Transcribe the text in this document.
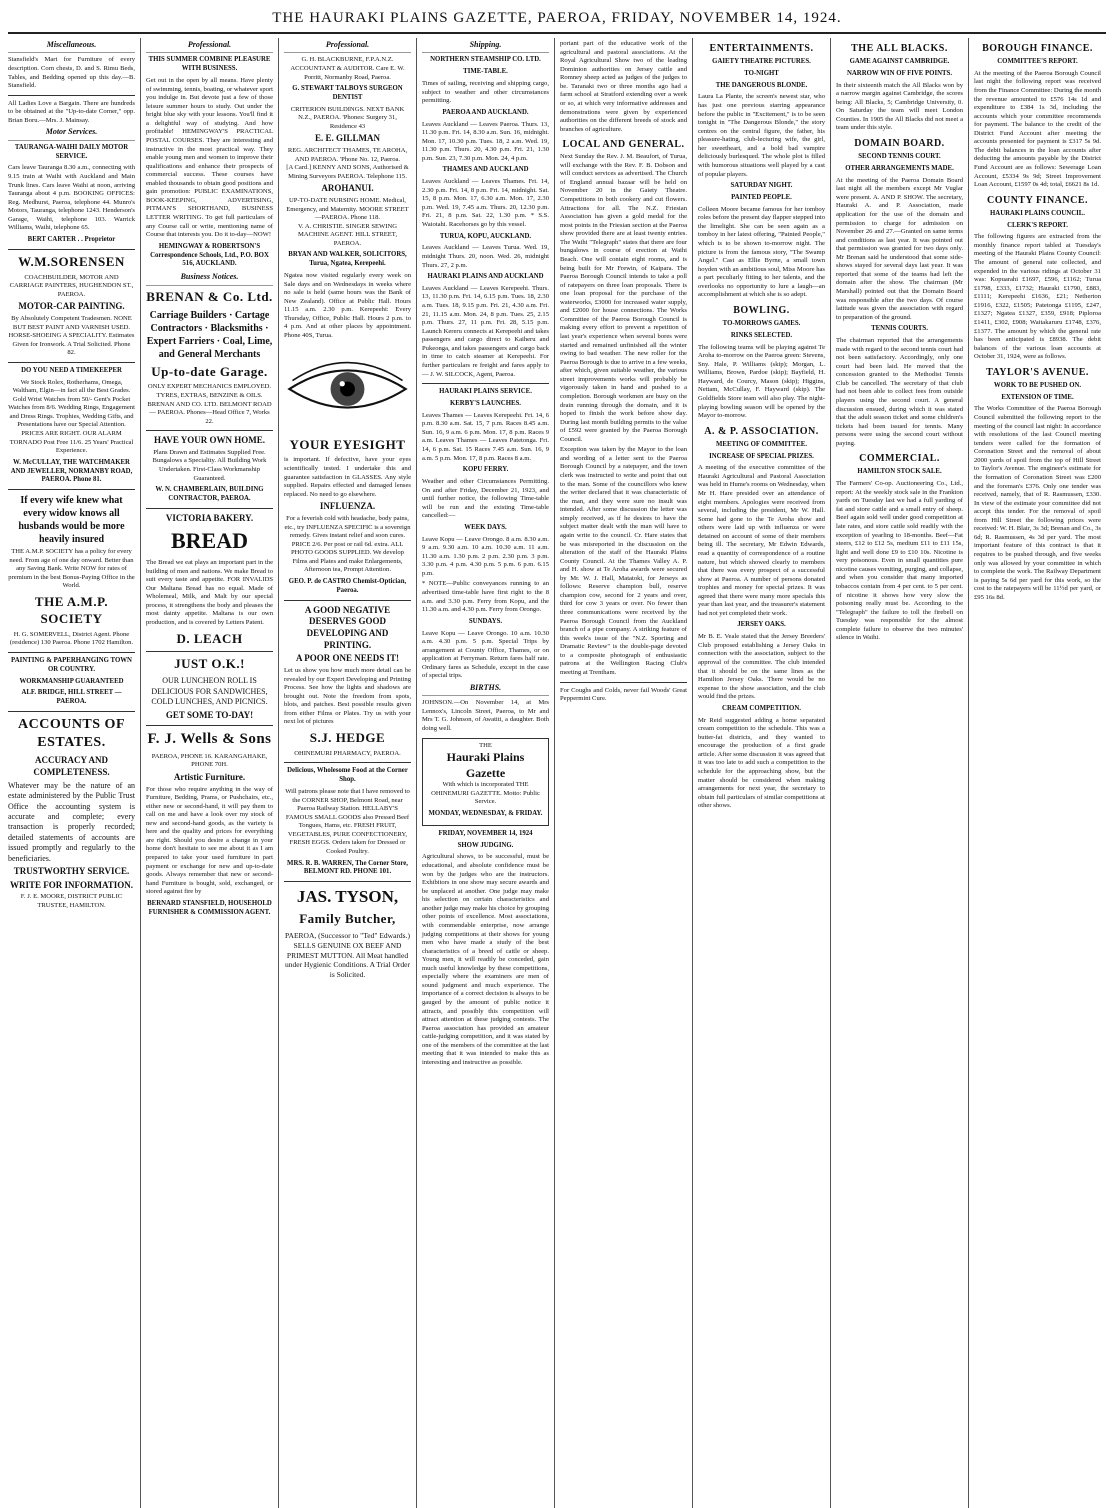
THE HAURAKI PLAINS GAZETTE, PAEROA, FRIDAY, NOVEMBER 14, 1924.
Miscellaneous.
Stansfield's Mart for Furniture of every description. Corn chests, D. and S. Rimu Beds, Tables, and Bedding opened up this day.—B. Stansfield.
All Ladies Love a Bargain. There are hundreds to be obtained at the "Up-to-date Corner," opp. Brian Boru.—Mrs. J. Mainsay.
Motor Services.
TAURANGA-WAIHI DAILY MOTOR SERVICE.
Cars leave Tauranga 8.30 a.m., connecting with 9.15 train at Waihi with Auckland and Main Trunk lines. Cars leave Waihi at noon, arriving Tauranga about 4 p.m. BOOKING OFFICES: Reg. Medhurst, Paeroa, telephone 44. Munro's Motors, Tauranga, telephone 1243. Henderson's Garage, Waihi, telephone 103. Warrick Williams, Waihi, telephone 65.
BERT CARTER . . Proprietor
W.M.SORENSEN
COACHBUILDER, MOTOR AND CARRIAGE PAINTERS, HUGHENDON ST., PAEROA.
MOTOR-CAR PAINTING.
By Absolutely Competent Tradesmen. NONE BUT BEST PAINT AND VARNISH USED. HORSE-SHOEING A SPECIALITY. Estimates Given for Ironwork. A Trial Solicited. Phone 82.
DO YOU NEED A TIMEKEEPER
We Stock Rolex, Rotherhams, Omega, Waltham, Elgin—in fact all the Best Grades. Gold Wrist Watches from 50/- Gent's Pocket Watches from 8/6. Wedding Rings, Engagement and Dress Rings. Trophies, Wedding Gifts, and Presentations have our Special Attention. PRICES ARE RIGHT. OUR ALARM TORNADO Post Free 11/6. 25 Years' Practical Experience.
W. McCULLAY, THE WATCHMAKER AND JEWELLER, NORMANBY ROAD, PAEROA. Phone 81.
If every wife knew what every widow knows all husbands would be more heavily insured
THE A.M.P. SOCIETY has a policy for every need. From age of one day onward. Better than any Saving Bank. Write NOW for rates of premium in the best Bonus-Paying Office in the World.
THE A.M.P. SOCIETY
H. G. SOMERVELL, District Agent. Phone (residence) 130 Paeroa. Phone 1702 Hamilton.
PAINTING & PAPERHANGING TOWN OR COUNTRY.
WORKMANSHIP GUARANTEED
ALF. BRIDGE, HILL STREET — PAEROA.
ACCOUNTS OF ESTATES.
ACCURACY AND COMPLETENESS.
Whatever may be the nature of an estate administered by the Public Trust Office the accounting system is accurate and complete; every transaction is properly recorded; detailed statements of accounts are issued promptly and regularly to the beneficiaries.
TRUSTWORTHY SERVICE.
WRITE FOR INFORMATION.
F. J. E. MOORE, DISTRICT PUBLIC TRUSTEE, HAMILTON.
Professional.
THIS SUMMER COMBINE PLEASURE WITH BUSINESS.
Get out in the open by all means. Have plenty of swimming, tennis, boating, or whatever sport you indulge in. But devote just a few of those leisure summer hours to study. Out under the bright blue sky with your lessons. You'll find it a delightful way of studying. And how profitable! HEMINGWAY'S PRACTICAL POSTAL COURSES. They are interesting and instructive in the most practical way. They enable young men and women to improve their qualifications and enhance their prospects of commercial success. These courses have enabled thousands to obtain good positions and gain promotion: PUBLIC EXAMINATIONS, BOOK-KEEPING, ADVERTISING, PITMAN'S SHORTHAND, BUSINESS LETTER WRITING. To get full particulars of any Course call or write, mentioning name of Course that interests you. Do it to-day—NOW!
HEMINGWAY & ROBERTSON'S Correspondence Schools, Ltd., P.O. BOX 516, AUCKLAND.
Business Notices.
BRENAN & Co. Ltd.
Carriage Builders · Cartage Contractors · Blacksmiths · Expert Farriers · Coal, Lime, and General Merchants
Up-to-date Garage.
ONLY EXPERT MECHANICS EMPLOYED. TYRES, EXTRAS, BENZINE & OILS. BRENAN AND CO. LTD. BELMONT ROAD — PAEROA. Phones—Head Office 7, Works 22.
HAVE YOUR OWN HOME.
Plans Drawn and Estimates Supplied Free. Bungalows a Speciality. All Building Work Undertaken. First-Class Workmanship Guaranteed.
W. N. CHAMBERLAIN, BUILDING CONTRACTOR, PAEROA.
VICTORIA BAKERY.
BREAD
The Bread we eat plays an important part in the building of men and nations. We make Bread to suit every taste and appetite. FOR INVALIDS Our Maltana Bread has no equal. Made of Wholemeal, Milk, and Malt by our special process, it strengthens the body and pleases the most dainty appetite. Maltana is our own production, and is covered by Letters Patent.
D. LEACH
JUST O.K.!
OUR LUNCHEON ROLL IS DELICIOUS FOR SANDWICHES, COLD LUNCHES, AND PICNICS.
GET SOME TO-DAY!
F. J. Wells & Sons
PAEROA, PHONE 16. KARANGAHAKE, PHONE 70H.
Artistic Furniture.
For those who require anything in the way of Furniture, Bedding, Prams, or Pushchairs, etc., either new or second-hand, it will pay them to call on me and have a look over my stock of new and second-hand goods, as the variety is here and the quality and prices for everything are right. Should you desire a change in your home don't hesitate to see me about it as I am prepared to take your used furniture in part payment or exchange for new and up-to-date goods. Always remember that new or second-hand Furniture is bought, sold, exchanged, or stored against fire by
BERNARD STANSFIELD, HOUSEHOLD FURNISHER & COMMISSION AGENT.
Professional.
G. H. BLACKBURNE, F.P.A.N.Z. ACCOUNTANT & AUDITOR. Care E. W. Porritt, Normanby Road, Paeroa.
G. STEWART TALBOYS SURGEON DENTIST
CRITERION BUILDINGS. NEXT BANK N.Z., PAEROA. 'Phones: Surgery 31, Residence 43
E. E. GILLMAN
REG. ARCHITECT THAMES, TE AROHA, AND PAEROA. 'Phone No. 12, Paeroa.
[A Card.] KENNY AND SONS, Authorised & Mining Surveyors PAEROA. Telephone 115.
AROHANUI.
UP-TO-DATE NURSING HOME. Medical, Emergency, and Maternity. MOORE STREET—PAEROA. Phone 118.
V. A. CHRISTIE. SINGER SEWING MACHINE AGENT. HILL STREET, PAEROA.
BRYAN AND WALKER, SOLICITORS, Turua, Ngatea, Kerepeehi.
Ngatea now visited regularly every week on Sale days and on Wednesdays in weeks where no sale is held (same hours was the Bank of New Zealand). Office at Public Hall. Hours 11.15 a.m. 2.30 p.m. Kerepeehi: Every Thursday, Office, Public Hall. Hours 2 p.m. to 4 p.m. And at other places by appointment. Phone 40S, Turua.
YOUR EYESIGHT
is important. If defective, have your eyes scientifically tested. I undertake this and guarantee satisfaction in GLASSES. Any style supplied. Repairs effected and damaged lenses replaced. No need to go elsewhere.
INFLUENZA.
For a feverish cold with headache, body pains, etc., try INFLUENZA SPECIFIC is a sovereign remedy. Gives instant relief and soon cures. PRICE 2/6. Per post or rail 6d. extra. ALL PHOTO GOODS SUPPLIED. We develop Films and Plates and make Enlargements, Afternoon tea, Prompt Attention.
GEO. P. de CASTRO Chemist-Optician, Paeroa.
A GOOD NEGATIVE DESERVES GOOD DEVELOPING AND PRINTING.
A POOR ONE NEEDS IT!
Let us show you how much more detail can be revealed by our Expert Developing and Printing Process. See how the lights and shadows are brought out. Note the freedom from spots, blots, and patches. Best possible results given from either Films or Plates. Try us with your next lot of pictures
S.J. HEDGE
OHINEMURI PHARMACY, PAEROA.
Delicious, Wholesome Food at the Corner Shop.
Will patrons please note that I have removed to the CORNER SHOP, Belmont Road, near Paeroa Railway Station. HELLABY'S FAMOUS SMALL GOODS also Pressed Beef Tongues, Hams, etc. FRESH FRUIT, VEGETABLES, PURE CONFECTIONERY, FRESH EGGS. Orders taken for Dressed or Cooked Poultry.
MRS. R. B. WARREN, The Corner Store, BELMONT RD. PHONE 101.
JAS. TYSON,
Family Butcher,
PAEROA, (Successor to "Ted" Edwards.) SELLS GENUINE OX BEEF AND PRIMEST MUTTON. All Meat handled under Hygienic Conditions. A Trial Order is Solicited.
Shipping.
NORTHERN STEAMSHIP CO. LTD.
TIME-TABLE.
Times of sailing, receiving and shipping cargo, subject to weather and other circumstances permitting.
PAEROA AND AUCKLAND.
Leaves Auckland — Leaves Paeroa. Thurs. 13, 11.30 p.m. Fri. 14, 8.30 a.m. Sun. 16, midnight. Mon. 17, 10.30 p.m. Tues. 18, 2 a.m. Wed. 19, 11.30 p.m. Thurs. 20, 4.30 p.m. Fri. 21, 1.30 p.m. Sun. 23, 7.30 p.m. Mon. 24, 4 p.m.
THAMES AND AUCKLAND
Leaves Auckland — Leaves Thames. Fri. 14, 2.30 p.m. Fri. 14, 8 p.m. Fri. 14, midnight. Sat. 15, 8 p.m. Mon. 17, 6.30 a.m. Mon. 17, 2.30 p.m. Wed. 19, 7.45 a.m. Thurs. 20, 12.30 p.m. Fri. 21, 8 p.m. Sat. 22, 1.30 p.m. * S.S. Waiotahi. Racehorses go by this vessel.
TURUA, KOPU, AUCKLAND.
Leaves Auckland — Leaves Turua. Wed. 19, midnight Thurs. 20, noon. Wed. 26, midnight Thurs. 27, 2 p.m.
HAURAKI PLAINS AND AUCKLAND
Leaves Auckland — Leaves Kerepeehi. Thurs. 13, 11.30 p.m. Fri. 14, 6.15 p.m. Tues. 18, 2.30 a.m. Tues. 18, 9.15 p.m. Fri. 21, 4.30 a.m. Fri. 21, 11.15 a.m. Mon. 24, 8 p.m. Tues. 25, 2.15 p.m. Thurs. 27, 11 p.m. Fri. 28, 5.15 p.m. Launch Kereru connects at Kerepeehi and takes passengers and cargo direct to Kaiheru and Pukeonga, and takes passengers and cargo back in time to catch steamer at Kerepeehi. For further particulars re freight and fares apply to— J. W. SILCOCK, Agent, Paeroa.
HAURAKI PLAINS SERVICE.
KERBY'S LAUNCHES.
Leaves Thames — Leaves Kerepeehi. Fri. 14, 6 p.m. 8.30 a.m. Sat. 15, 7 p.m. Races 8.45 a.m. Sun. 16, 9 a.m. 6 p.m. Mon. 17, 8 p.m. Races 9 a.m. Leaves Thames — Leaves Patetonga. Fri. 14, 6 p.m. Sat. 15 Races 7.45 a.m. Sun. 16, 9 a.m. 5 p.m. Mon. 17, 8 p.m. Races 8 a.m.
KOPU FERRY.
Weather and other Circumstances Permitting. On and after Friday, December 21, 1923, and until further notice, the following Time-table will be run and the existing Time-table cancelled:—
WEEK DAYS.
Leave Kopu — Leave Orongo. 8 a.m. 8.30 a.m. 9 a.m. 9.30 a.m. 10 a.m. 10.30 a.m. 11 a.m. 11.30 a.m. 1.30 p.m. 2 p.m. 2.30 p.m. 3 p.m. 3.30 p.m. 4 p.m. 4.30 p.m. 5 p.m. 6 p.m. 6.15 p.m.
* NOTE—Public conveyances running to an advertised time-table have first right to the 8 a.m. and 3.30 p.m. Ferry from Kopu, and the 11.30 a.m. and 4.30 p.m. Ferry from Orongo.
SUNDAYS.
Leave Kopu — Leave Orongo. 10 a.m. 10.30 a.m. 4.30 p.m. 5 p.m. Special Trips by arrangement at County Office, Thames, or on application at Ferryman. Return fares half rate. Ordinary fares as Schedule, except in the case of special trips.
BIRTHS.
JOHNSON.—On November 14, at Mrs Lennox's, Lincoln Street, Paeroa, to Mr and Mrs T. G. Johnson, of Awatiti, a daughter. Both doing well.
THE
Hauraki Plains Gazette
With which is incorporated THE OHINEMURI GAZETTE. Motto: Public Service.
MONDAY, WEDNESDAY, & FRIDAY.
FRIDAY, NOVEMBER 14, 1924
SHOW JUDGING.
Agricultural shows, to be successful, must be educational, and absolute confidence must be won by the judges who are the instructors. Exhibitors in one show may secure awards and be unplaced at another. One judge may make his selection on certain characteristics and another judge may make his choice by grouping other points of excellence. Most associations, with commendable enterprise, now arrange judging competitions at their shows for young men who have made a study of the best characteristics of a breed of cattle or sheep. Young men, it will readily be conceded, gain much useful knowledge by these competitions, especially where the examiners are men of sound judgment and much experience. The importance of a correct decision is always to be gauged by the amount of public notice it attracts, and possibly this competition will attract attention at these judging contests. The Paeroa association has provided an amateur cattle-judging competition, and it was stated by one of the members of the committee at the last meeting that it was intended to make this as interesting and instructive as possible.
portant part of the educative work of the agricultural and pastoral associations. At the Royal Agricultural Show two of the leading Dominion authorities on Jersey cattle and Romney sheep acted as judges of the judges to be. Taranaki two or three months ago had a farm school at Stratford extending over a week or so, at which very informative addresses and demonstrations were given by experienced authorities on the different breeds of stock and branches of agriculture.
LOCAL AND GENERAL.
Next Sunday the Rev. J. M. Beaufort, of Turua, will exchange with the Rev. F. B. Dobson and will conduct services as advertised. The Church of England annual bazaar will be held on November 20 in the Gaiety Theatre. Competitions in both cookery and cut flowers. Attractions for all. The N.Z. Friesian Association has given a gold medal for the most points in the Friesian section at the Paeroa show provided there are at least twenty entries. The Waihi "Telegraph" states that there are four bungalows in course of erection at Waihi Beach. One will contain eight rooms, and is being built for Mr Frewin, of Kaipara. The Paeroa Borough Council intends to take a poll of ratepayers on three loan proposals. There is one loan proposal for the purchase of the waterworks, £3000 for increased water supply, and £2000 for house connections. The Works Committee of the Paeroa Borough Council is making every effort to prevent a repetition of last year's experience when several bores were started and remained unfinished all the winter owing to bad weather. The new roller for the Paeroa Borough is due to arrive in a few weeks, after which, given suitable weather, the various street improvements works will probably be vigorously taken in hand and pushed to a completion. Borough workmen are busy on the drain running through the domain, and it is hoped to finish the work before show day. During last month building permits to the value of £592 were granted by the Paeroa Borough Council.
Exception was taken by the Mayor to the loan and wording of a letter sent to the Paeroa Borough Council by a ratepayer, and the town clerk was instructed to write and point that out to the man. Some of the councillors who knew the writer declared that it was characteristic of the man, and they were sure no insult was intended. After some discussion the letter was simply received, as if he desires to have the subject matter dealt with the man will have to again write to the council. Cr. Hare states that he was misreported in the discussion on the alteration of the staff of the Hauraki Plains County Council. At the Thames Valley A. P. and H. show at Te Aroha awards were secured by Mr. W. J. Hall, Matatoki, for Jerseys as follows: Reserve champion bull, reserve champion cow, second for 2 years and over, third for cow 3 years or over. No fewer than three communications were received by the Paeroa Borough Council from the Auckland branch of a pipe company. A striking feature of this week's issue of the "N.Z. Sporting and Dramatic Review" is the double-page devoted to a composite photograph of enthusiastic patrons at the Wellington Racing Club's meeting at Trentham.
For Coughs and Colds, never fail Woods' Great Peppermint Cure.
ENTERTAINMENTS.
GAIETY THEATRE PICTURES.
TO-NIGHT
THE DANGEROUS BLONDE.
Laura La Plante, the screen's newest star, who has just one previous starring appearance before the public in "Excitement," is to be seen tonight in "The Dangerous Blonde," the story centres on the central figure, the father, his pleasure-hating, club-lecturing wife, the girl, her sweetheart, and a bold bad vampire deliciously burlesqued. The whole plot is filled with humorous situations well played by a cast of popular players.
SATURDAY NIGHT.
PAINTED PEOPLE.
Colleen Moore became famous for her tomboy roles before the present day flapper stepped into the limelight. She can be seen again as a tomboy in her latest offering, "Painted People," which is to be shown to-morrow night. The picture is from the famous story, "The Swamp Angel." Cast as Ellie Byrne, a small town hoyden with an ambitious soul, Miss Moore has a part peculiarly fitting to her talents, and the overlooks no opportunity to lure a laugh—an accomplishment at which she is so adept.
BOWLING.
TO-MORROWS GAMES.
RINKS SELECTED.
The following teams will be playing against Te Aroha to-morrow on the Paeroa green: Stevens, Sny. Hale, P. Williams (skip); Morgan, L. Williams, Brown, Pardoe (skip); Bayfield, H. Hayward, de Courcy, Mason (skip); Higgins, Nettam, McCullay, F. Hayward (skip). The Goldfields Store team will also play. The night-playing bowling season will be opened by the Mayor to-morrow.
A. & P. ASSOCIATION.
MEETING OF COMMITTEE.
INCREASE OF SPECIAL PRIZES.
A meeting of the executive committee of the Hauraki Agricultural and Pastoral Association was held in Hume's rooms on Wednesday, when Mr H. Hare presided over an attendance of eight members. Apologies were received from several, including the president, Mr W. Hall. Some had gone to the Te Aroha show and others were laid up with influenza or were detained on account of some of their members being ill. The secretary, Mr Edwin Edwards, read a quantity of correspondence of a routine nature, but which showed clearly to members that there was every prospect of a successful show at Paeroa. A number of persons donated trophies and money for special prizes. It was agreed that there were many more specials this year than last year, and the treasurer's statement had not yet completed their work.
JERSEY OAKS.
Mr B. E. Veale stated that the Jersey Breeders' Club proposed establishing a Jersey Oaks in connection with the association, subject to the approval of the committee. The club intended that it should be on the same lines as the Hamilton Jersey Oaks. There would be no expense to the show association, and the club would find the prizes.
CREAM COMPETITION.
Mr Reid suggested adding a home separated cream competition to the schedule. This was a butter-fat districts, and they wanted to encourage the production of a first grade article. After some discussion it was agreed that it was too late to add such a competition to the schedule for the approaching show, but the matter should be considered when making arrangements for next year, the secretary to obtain full particulars of similar competitions at other shows.
THE ALL BLACKS.
GAME AGAINST CAMBRIDGE.
NARROW WIN OF FIVE POINTS.
In their sixteenth match the All Blacks won by a narrow margin against Cambridge, the scores being: All Blacks, 5; Cambridge University, 0. On Saturday the team will meet London Counties. In 1905 the All Blacks did not meet a team under this style.
DOMAIN BOARD.
SECOND TENNIS COURT.
OTHER ARRANGEMENTS MADE.
At the meeting of the Paeroa Domain Board last night all the members except Mr Vuglar were present. A. AND P. SHOW. The secretary, Hauraki A. and P. Association, made application for the use of the domain and permission to charge for admission on November 26 and 27.—Granted on same terms and conditions as last year. It was pointed out that permission was granted for two days only. Mr Brenan said he understood that some side-shows stayed for several days last year. It was reported that some of the teams had left the domain after the show. The chairman (Mr Marshall) pointed out that the Domain Board was responsible after the two days. Of course latitude was given the association with regard to preparation of the ground.
TENNIS COURTS.
The chairman reported that the arrangements made with regard to the second tennis court had not been satisfactory. Accordingly, only one court had been laid. He moved that the concession granted to the Methodist Tennis Club be cancelled. The secretary of that club had not been able to collect fees from outside players using the second court. A general discussion ensued, during which it was stated that the adult season ticket and some children's tickets had been issued for tennis. Many persons were using the second court without paying.
COMMERCIAL.
HAMILTON STOCK SALE.
The Farmers' Co-op. Auctioneering Co., Ltd., report: At the weekly stock sale in the Frankton yards on Tuesday last we had a full yarding of fat and store cattle and a small entry of sheep. Beef again sold well under good competition at late rates, and store cattle sold readily with the exception of yearling to 18-months. Beef—Fat steers, £12 to £12 5s, medium £11 to £11 15s, light and well done £9 to £10 10s. Nicotine is very poisonous. Even in small quantities pure nicotine causes vomiting, purging, and collapse, and when you consider that many imported tobaccos contain from 4 per cent. to 5 per cent. of nicotine it shows how very slow the poisoning really must be. According to the "Telegraph" the failure to toll the firebell on Tuesday was responsible for the almost complete failure to observe the two minutes' silence in Waihi.
BOROUGH FINANCE.
COMMITTEE'S REPORT.
At the meeting of the Paeroa Borough Council last night the following report was received from the Finance Committee: During the month the revenue amounted to £576 14s 1d and expenditure to £384 1s 3d, including the accounts which your committee recommends for payment. The balance to the credit of the District Fund Account after meeting the accounts presented for payment is £317 5s 9d. The debit balances in the loan accounts after deducting the amounts payable by the District Fund Account are as follows: Sewerage Loan Account, £5334 9s 9d; Street Improvement Loan Account, £1597 0s 4d; total, £6621 8s 1d.
COUNTY FINANCE.
HAURAKI PLAINS COUNCIL.
CLERK'S REPORT.
The following figures are extracted from the monthly finance report tabled at Tuesday's meeting of the Hauraki Plains County Council: The amount of general rate collected, and expended in the various ridings at October 31 was: Kopuarahi £1697, £596, £1162; Turua £1798, £333, £1732; Hauraki £1790, £883, £1111; Kerepeehi £1636, £21; Netherton £1916, £322, £1505; Patetonga £1195, £247, £1327; Ngatea £1327, £359, £918; Piploroa £1411, £302, £908; Waitakaruru £1748, £376, £1377. The amount by which the general rate has been anticipated is £8938. The debit balances of the various loan accounts at October 31, 1924, were as follows.
TAYLOR'S AVENUE.
WORK TO BE PUSHED ON.
EXTENSION OF TIME.
The Works Committee of the Paeroa Borough Council submitted the following report to the meeting of the council last night: In accordance with resolutions of the last Council meeting tenders were called for the formation of Coronation Street and the removal of about 2000 yards of spoil from the top of Hill Street to Taylor's Avenue. The engineer's estimate for the formation of Coronation Street was £200 and the foreman's £376. Only one tender was received, namely, that of R. Rasmussen, £330. In view of the estimate your committee did not accept this tender. For the removal of spoil from Hill Street the following prices were received: W. H. Blair, 3s 3d; Brenan and Co., 3s 6d; R. Rasmussen, 4s 3d per yard. The most important feature of this contract is that it requires to be pushed through, and five weeks only was allowed by your committee in which to complete the work. The Railway Department is paying 5s 6d per yard for this work, so the cost to the ratepayers will be 11½d per yard, or £95 16s 8d.
